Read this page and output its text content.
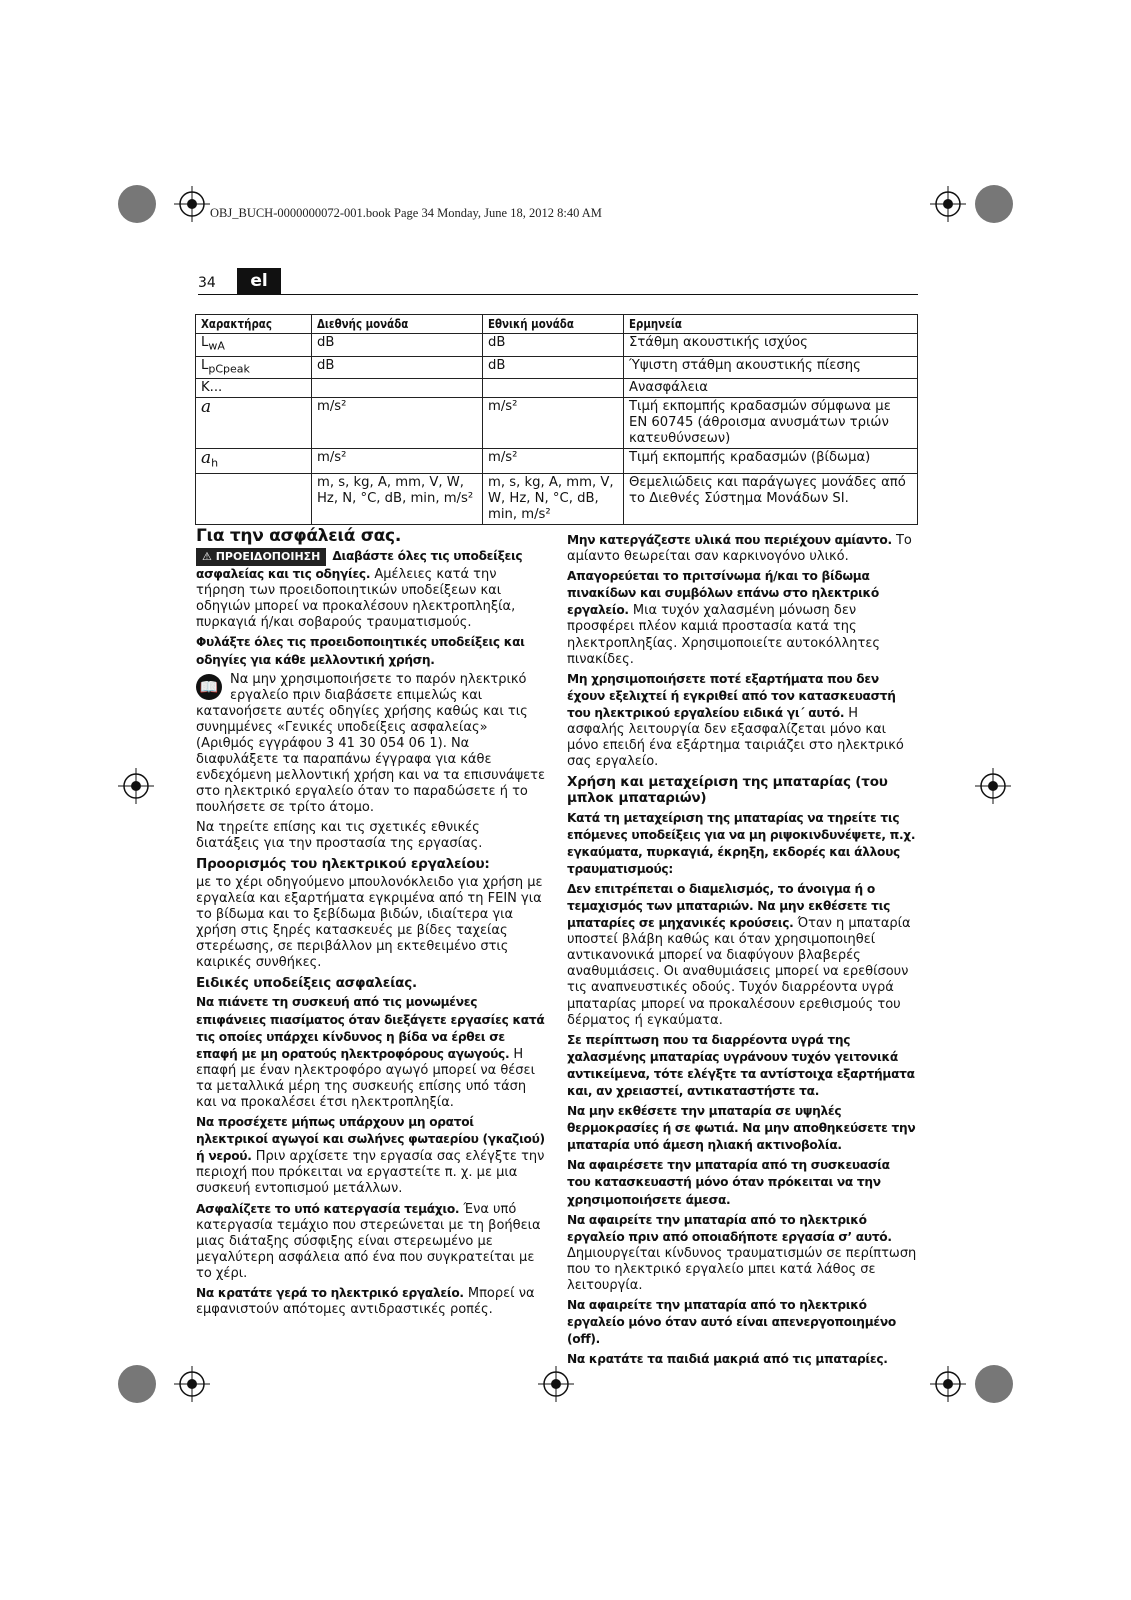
OBJ_BUCH-0000000072-001.book Page 34 Monday, June 18, 2012 8:40 AM
34	el
Χαρακτήρας	Διεθνής μονάδα	Εθνική μονάδα	Ερμηνεία
$L_{wA}$	dB	dB	Στάθμη ακουστικής ισχύος
$L_{pCpeak}$	dB	dB	Ύψιστη στάθμη ακουστικής πίεσης
K...			Ανασφάλεια
a	m/s²	m/s²	Τιμή εκπομπής κραδασμών σύμφωνα με EN 60745 (άθροισμα ανυσμάτων τριών κατευθύνσεων)
$a_h$	m/s²	m/s²	Τιμή εκπομπής κραδασμών (βίδωμα)
	m, s, kg, A, mm, V, W, Hz, N, °C, dB, min, m/s²	m, s, kg, A, mm, V, W, Hz, N, °C, dB, min, m/s²	Θεμελιώδεις και παράγωγες μονάδες από το Διεθνές Σύστημα Μονάδων SI.
Για την ασφάλειά σας.

⚠ ΠΡΟΕΙΔΟΠΟΙΗΣΗ Διαβάστε όλες τις υποδείξεις ασφαλείας και τις οδηγίες. Αμέλειες κατά την τήρηση των προειδοποιητικών υποδείξεων και οδηγιών μπορεί να προκαλέσουν ηλεκτροπληξία, πυρκαγιά ή/και σοβαρούς τραυματισμούς.

Φυλάξτε όλες τις προειδοποιητικές υποδείξεις και οδηγίες για κάθε μελλοντική χρήση.

📖 Να μην χρησιμοποιήσετε το παρόν ηλεκτρικό εργαλείο πριν διαβάσετε επιμελώς και κατανοήσετε αυτές οδηγίες χρήσης καθώς και τις συνημμένες «Γενικές υποδείξεις ασφαλείας» (Αριθμός εγγράφου 3 41 30 054 06 1). Να διαφυλάξετε τα παραπάνω έγγραφα για κάθε ενδεχόμενη μελλοντική χρήση και να τα επισυνάψετε στο ηλεκτρικό εργαλείο όταν το παραδώσετε ή το πουλήσετε σε τρίτο άτομο.

Να τηρείτε επίσης και τις σχετικές εθνικές διατάξεις για την προστασία της εργασίας.

Προορισμός του ηλεκτρικού εργαλείου:

με το χέρι οδηγούμενο μπουλονόκλειδο για χρήση με εργαλεία και εξαρτήματα εγκριμένα από τη FEIN για το βίδωμα και το ξεβίδωμα βιδών, ιδιαίτερα για χρήση στις ξηρές κατασκευές με βίδες ταχείας στερέωσης, σε περιβάλλον μη εκτεθειμένο στις καιρικές συνθήκες.

Ειδικές υποδείξεις ασφαλείας.

Να πιάνετε τη συσκευή από τις μονωμένες επιφάνειες πιασίματος όταν διεξάγετε εργασίες κατά τις οποίες υπάρχει κίνδυνος η βίδα να έρθει σε επαφή με μη ορατούς ηλεκτροφόρους αγωγούς. Η επαφή με έναν ηλεκτροφόρο αγωγό μπορεί να θέσει τα μεταλλικά μέρη της συσκευής επίσης υπό τάση και να προκαλέσει έτσι ηλεκτροπληξία.

Να προσέχετε μήπως υπάρχουν μη ορατοί ηλεκτρικοί αγωγοί και σωλήνες φωταερίου (γκαζιού) ή νερού. Πριν αρχίσετε την εργασία σας ελέγξτε την περιοχή που πρόκειται να εργαστείτε π. χ. με μια συσκευή εντοπισμού μετάλλων.

Ασφαλίζετε το υπό κατεργασία τεμάχιο. Ένα υπό κατεργασία τεμάχιο που στερεώνεται με τη βοήθεια μιας διάταξης σύσφιξης είναι στερεωμένο με μεγαλύτερη ασφάλεια από ένα που συγκρατείται με το χέρι.

Να κρατάτε γερά το ηλεκτρικό εργαλείο. Μπορεί να εμφανιστούν απότομες αντιδραστικές ροπές.

Μην κατεργάζεστε υλικά που περιέχουν αμίαντο. Το αμίαντο θεωρείται σαν καρκινογόνο υλικό.

Απαγορεύεται το πριτσίνωμα ή/και το βίδωμα πινακίδων και συμβόλων επάνω στο ηλεκτρικό εργαλείο. Μια τυχόν χαλασμένη μόνωση δεν προσφέρει πλέον καμιά προστασία κατά της ηλεκτροπληξίας. Χρησιμοποιείτε αυτοκόλλητες πινακίδες.

Μη χρησιμοποιήσετε ποτέ εξαρτήματα που δεν έχουν εξελιχτεί ή εγκριθεί από τον κατασκευαστή του ηλεκτρικού εργαλείου ειδικά γι΄ αυτό. Η ασφαλής λειτουργία δεν εξασφαλίζεται μόνο και μόνο επειδή ένα εξάρτημα ταιριάζει στο ηλεκτρικό σας εργαλείο.

Χρήση και μεταχείριση της μπαταρίας (του μπλοκ μπαταριών)

Κατά τη μεταχείριση της μπαταρίας να τηρείτε τις επόμενες υποδείξεις για να μη ριψοκινδυνέψετε, π.χ. εγκαύματα, πυρκαγιά, έκρηξη, εκδορές και άλλους τραυματισμούς:

Δεν επιτρέπεται ο διαμελισμός, το άνοιγμα ή ο τεμαχισμός των μπαταριών. Να μην εκθέσετε τις μπαταρίες σε μηχανικές κρούσεις. Όταν η μπαταρία υποστεί βλάβη καθώς και όταν χρησιμοποιηθεί αντικανονικά μπορεί να διαφύγουν βλαβερές αναθυμιάσεις. Οι αναθυμιάσεις μπορεί να ερεθίσουν τις αναπνευστικές οδούς. Τυχόν διαρρέοντα υγρά μπαταρίας μπορεί να προκαλέσουν ερεθισμούς του δέρματος ή εγκαύματα.

Σε περίπτωση που τα διαρρέοντα υγρά της χαλασμένης μπαταρίας υγράνουν τυχόν γειτονικά αντικείμενα, τότε ελέγξτε τα αντίστοιχα εξαρτήματα και, αν χρειαστεί, αντικαταστήστε τα.

Να μην εκθέσετε την μπαταρία σε υψηλές θερμοκρασίες ή σε φωτιά. Να μην αποθηκεύσετε την μπαταρία υπό άμεση ηλιακή ακτινοβολία.

Να αφαιρέσετε την μπαταρία από τη συσκευασία του κατασκευαστή μόνο όταν πρόκειται να την χρησιμοποιήσετε άμεσα.

Να αφαιρείτε την μπαταρία από το ηλεκτρικό εργαλείο πριν από οποιαδήποτε εργασία σ’ αυτό. Δημιουργείται κίνδυνος τραυματισμών σε περίπτωση που το ηλεκτρικό εργαλείο μπει κατά λάθος σε λειτουργία.

Να αφαιρείτε την μπαταρία από το ηλεκτρικό εργαλείο μόνο όταν αυτό είναι απενεργοποιημένο (off).

Να κρατάτε τα παιδιά μακριά από τις μπαταρίες.
